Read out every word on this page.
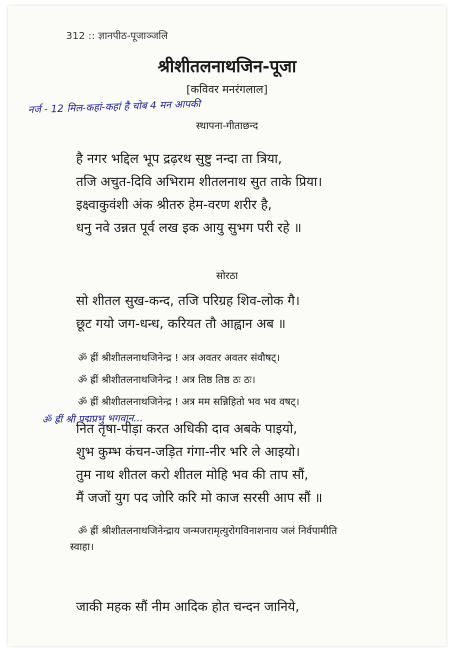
312 :: ज्ञानपीठ-पूजाञ्जलि
श्रीशीतलनाथजिन-पूजा
[कविवर मनरंगलाल]
नर्ज - 12 मिल-कहां-कहां है चोब 4 मन आपकी
स्थापना-गीताछन्द
है नगर भद्दिल भूप द्रढ़रथ सुष्टु नन्दा ता त्रिया,
तजि अचुत-दिवि अभिराम शीतलनाथ सुत ताके प्रिया।
इक्ष्वाकुवंशी अंक श्रीतरु हेम-वरण शरीर है,
धनु नवे उन्नत पूर्व लख इक आयु सुभग परी रहे ॥
सोरठा
सो शीतल सुख-कन्द, तजि परिग्रह शिव-लोक गै।
छूट गयो जग-धन्ध, करियत तौ आह्वान अब ॥
ॐ ह्रीं श्रीशीतलनाथजिनेन्द्र ! अत्र अवतर अवतर संवौषट्।
ॐ ह्रीं श्रीशीतलनाथजिनेन्द्र ! अत्र तिष्ठ तिष्ठ ठः ठः।
ॐ ह्रीं श्रीशीतलनाथजिनेन्द्र ! अत्र मम सन्निहितो भव भव वषट्।
ॐ ह्रीं श्री पद्मप्रभु भगवान...
नित तृषा-पीड़ा करत अधिकी दाव अबके पाइयो,
शुभ कुम्भ कंचन-जड़ित गंगा-नीर भरि ले आइयो।
तुम नाथ शीतल करो शीतल मोहि भव की ताप सौं,
मैं जजों युग पद जोरि करि मो काज सरसी आप सौं ॥
ॐ ह्रीं श्रीशीतलनाथजिनेन्द्राय जन्मजरामृत्युरोगविनाशनाय जलं निर्वपामीति
स्वाहा।
जाकी महक सौं नीम आदिक होत चन्दन जानिये,
